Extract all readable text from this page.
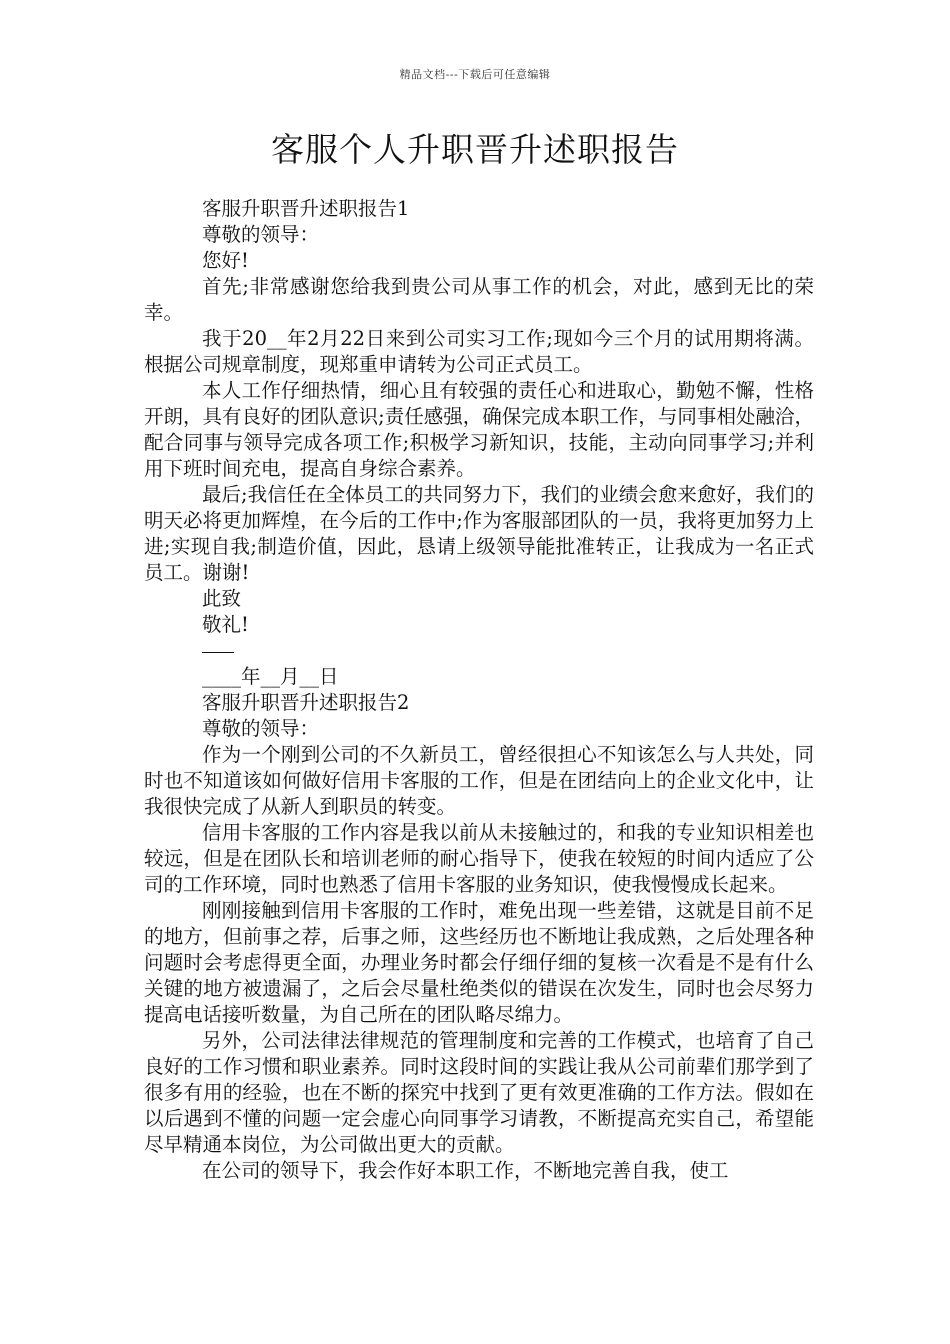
精品文档---下载后可任意编辑
客服个人升职晋升述职报告

客服升职晋升述职报告1

尊敬的领导：

您好!

首先;非常感谢您给我到贵公司从事工作的机会，对此，感到无比的荣幸。

我于20__年2月22日来到公司实习工作;现如今三个月的试用期将满。根据公司规章制度，现郑重申请转为公司正式员工。

本人工作仔细热情，细心且有较强的责任心和进取心，勤勉不懈，性格开朗，具有良好的团队意识;责任感强，确保完成本职工作，与同事相处融洽，配合同事与领导完成各项工作;积极学习新知识，技能，主动向同事学习;并利用下班时间充电，提高自身综合素养。

最后;我信任在全体员工的共同努力下，我们的业绩会愈来愈好，我们的明天必将更加辉煌，在今后的工作中;作为客服部团队的一员，我将更加努力上进;实现自我;制造价值，因此，恳请上级领导能批准转正，让我成为一名正式员工。谢谢!

此致

敬礼!

____年__月__日

客服升职晋升述职报告2

尊敬的领导：

作为一个刚到公司的不久新员工，曾经很担心不知该怎么与人共处，同时也不知道该如何做好信用卡客服的工作，但是在团结向上的企业文化中，让我很快完成了从新人到职员的转变。

信用卡客服的工作内容是我以前从未接触过的，和我的专业知识相差也较远，但是在团队长和培训老师的耐心指导下，使我在较短的时间内适应了公司的工作环境，同时也熟悉了信用卡客服的业务知识，使我慢慢成长起来。

刚刚接触到信用卡客服的工作时，难免出现一些差错，这就是目前不足的地方，但前事之荐，后事之师，这些经历也不断地让我成熟，之后处理各种问题时会考虑得更全面，办理业务时都会仔细仔细的复核一次看是不是有什么关键的地方被遗漏了，之后会尽量杜绝类似的错误在次发生，同时也会尽努力提高电话接听数量，为自己所在的团队略尽绵力。

另外，公司法律法律规范的管理制度和完善的工作模式，也培育了自己良好的工作习惯和职业素养。同时这段时间的实践让我从公司前辈们那学到了很多有用的经验，也在不断的探究中找到了更有效更准确的工作方法。假如在以后遇到不懂的问题一定会虚心向同事学习请教，不断提高充实自己，希望能尽早精通本岗位，为公司做出更大的贡献。

在公司的领导下，我会作好本职工作，不断地完善自我，使工
